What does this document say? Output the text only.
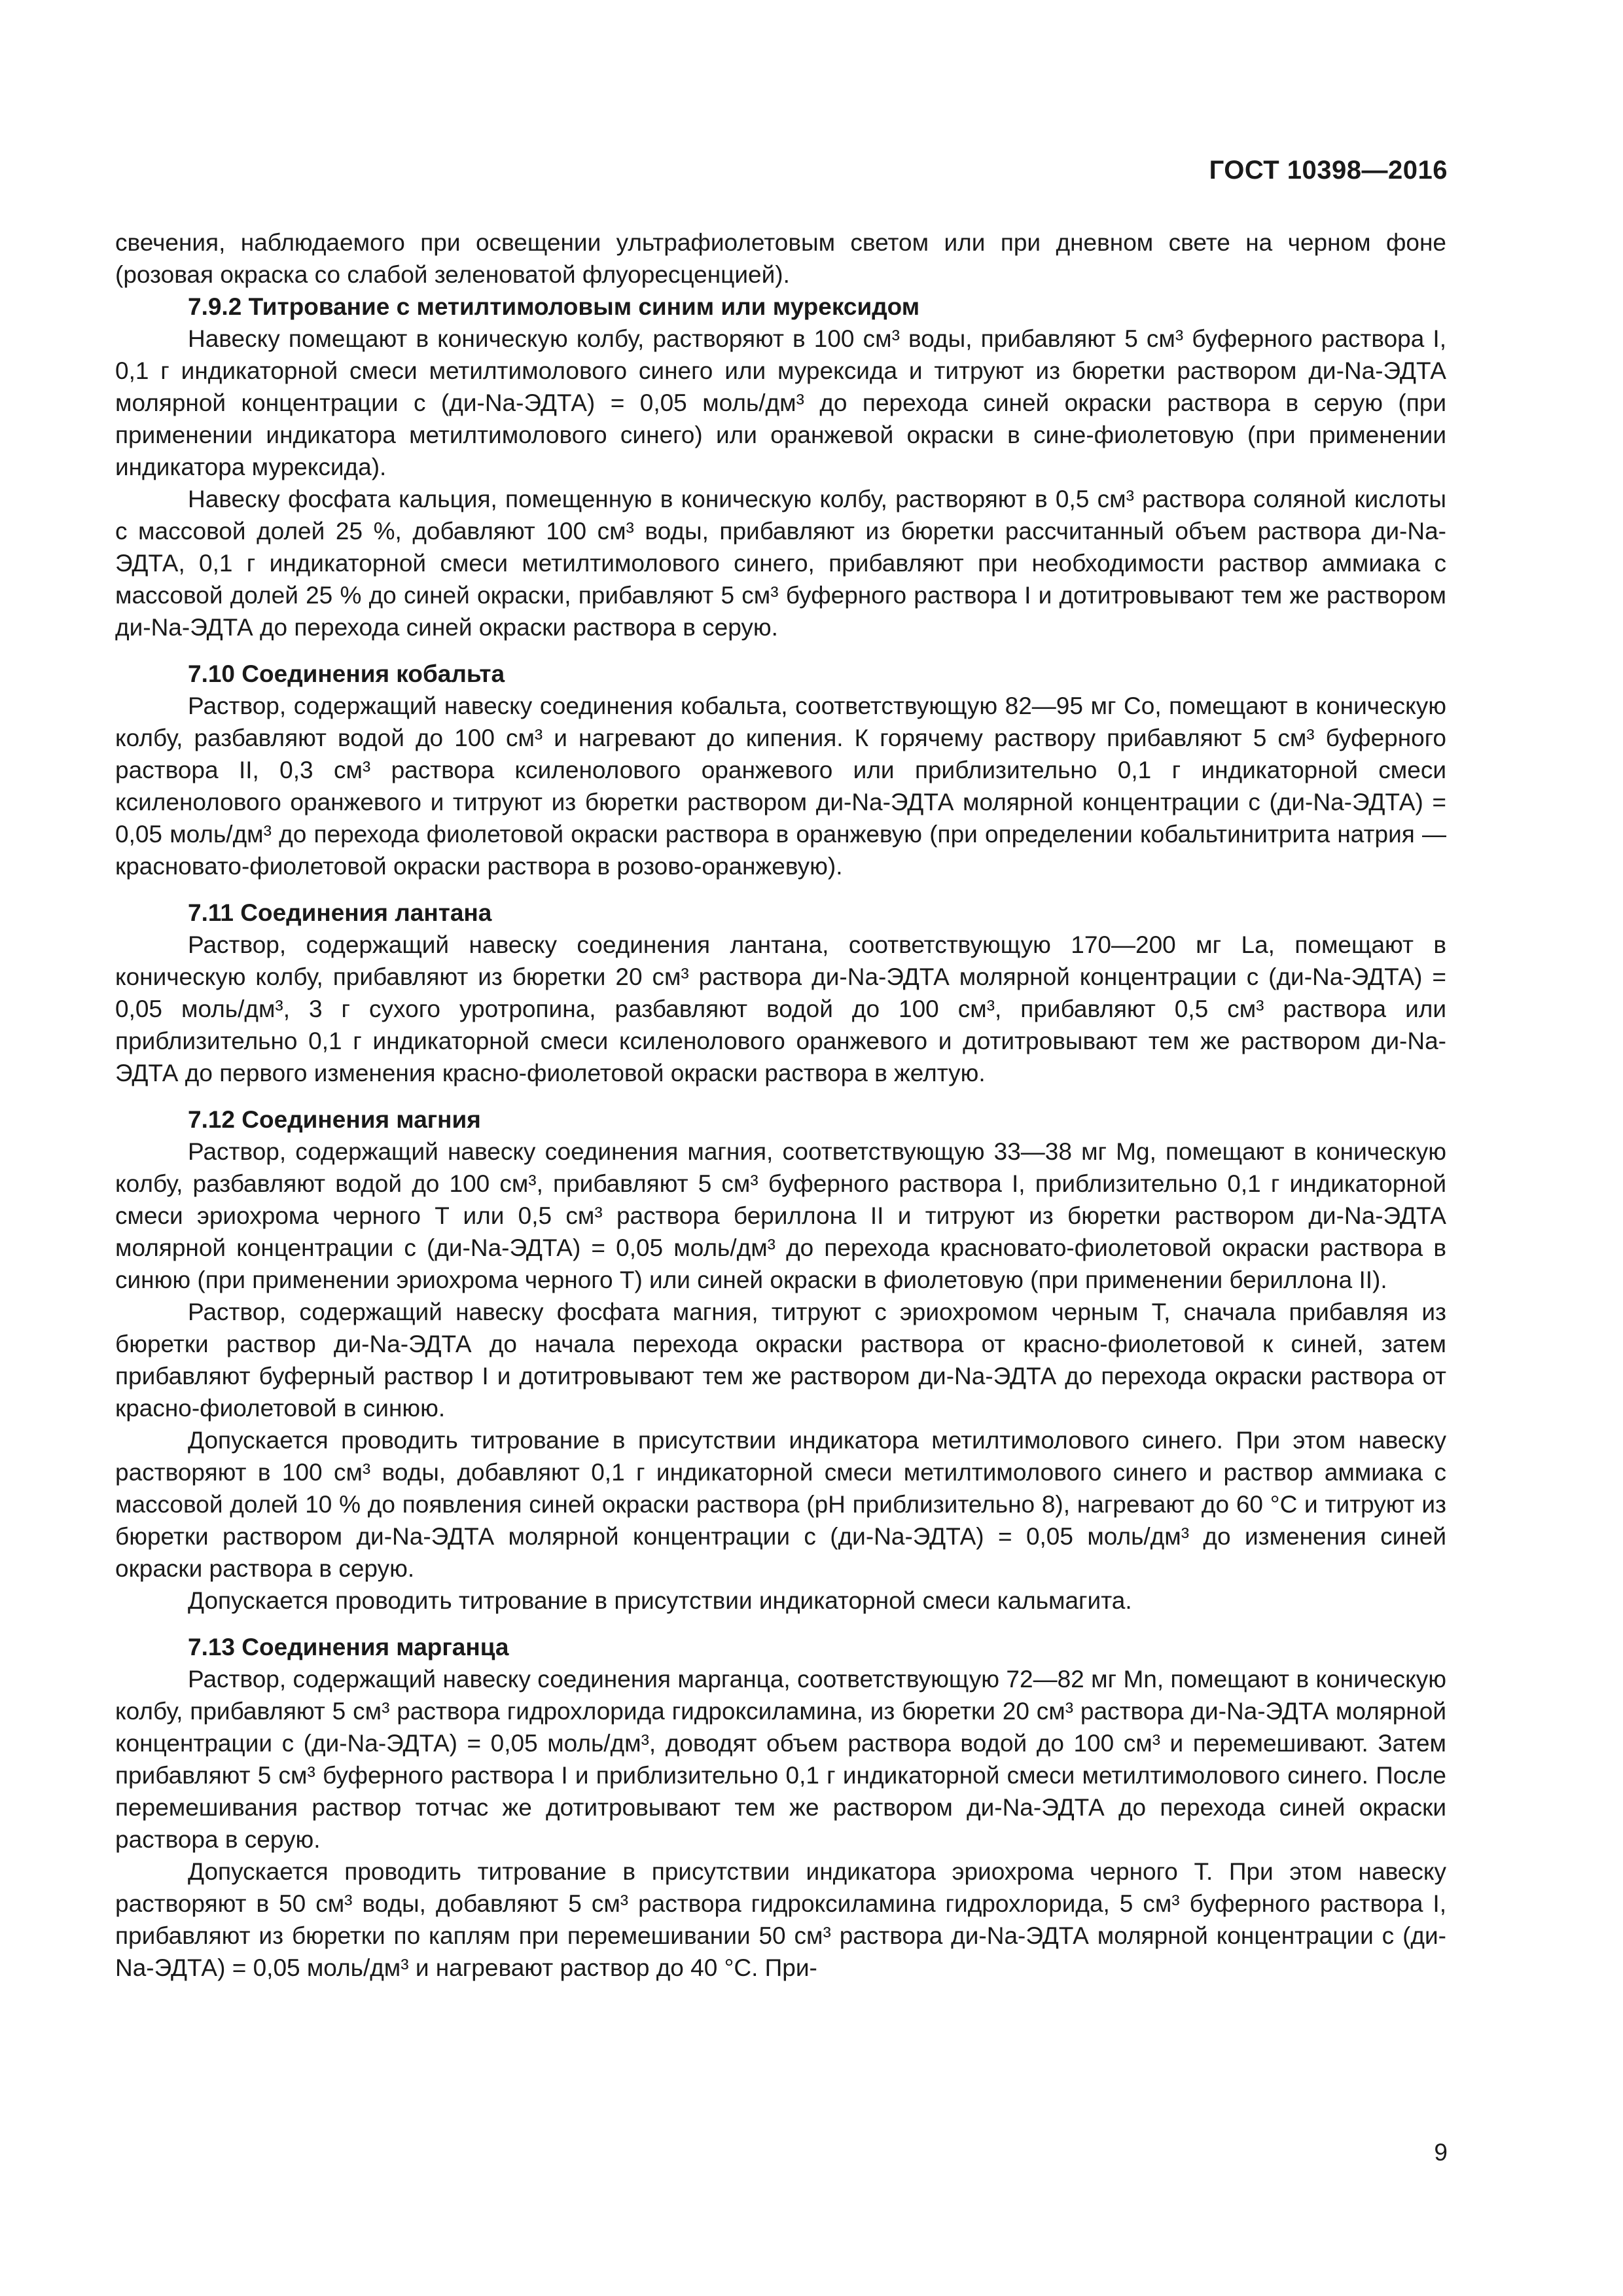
ГОСТ 10398—2016

свечения, наблюдаемого при освещении ультрафиолетовым светом или при дневном свете на черном фоне (розовая окраска со слабой зеленоватой флуоресценцией).

7.9.2 Титрование с метилтимоловым синим или мурексидом

Навеску помещают в коническую колбу, растворяют в 100 см³ воды, прибавляют 5 см³ буферного раствора I, 0,1 г индикаторной смеси метилтимолового синего или мурексида и титруют из бюретки раствором ди-Na-ЭДТА молярной концентрации c (ди-Na-ЭДТА) = 0,05 моль/дм³ до перехода синей окраски раствора в серую (при применении индикатора метилтимолового синего) или оранжевой окраски в сине-фиолетовую (при применении индикатора мурексида).

Навеску фосфата кальция, помещенную в коническую колбу, растворяют в 0,5 см³ раствора соляной кислоты с массовой долей 25 %, добавляют 100 см³ воды, прибавляют из бюретки рассчитанный объем раствора ди-Na-ЭДТА, 0,1 г индикаторной смеси метилтимолового синего, прибавляют при необходимости раствор аммиака с массовой долей 25 % до синей окраски, прибавляют 5 см³ буферного раствора I и дотитровывают тем же раствором ди-Na-ЭДТА до перехода синей окраски раствора в серую.

7.10 Соединения кобальта

Раствор, содержащий навеску соединения кобальта, соответствующую 82—95 мг Co, помещают в коническую колбу, разбавляют водой до 100 см³ и нагревают до кипения. К горячему раствору прибавляют 5 см³ буферного раствора II, 0,3 см³ раствора ксиленолового оранжевого или приблизительно 0,1 г индикаторной смеси ксиленолового оранжевого и титруют из бюретки раствором ди-Na-ЭДТА молярной концентрации c (ди-Na-ЭДТА) = 0,05 моль/дм³ до перехода фиолетовой окраски раствора в оранжевую (при определении кобальтинитрита натрия — красновато-фиолетовой окраски раствора в розово-оранжевую).

7.11 Соединения лантана

Раствор, содержащий навеску соединения лантана, соответствующую 170—200 мг La, помещают в коническую колбу, прибавляют из бюретки 20 см³ раствора ди-Na-ЭДТА молярной концентрации c (ди-Na-ЭДТА) = 0,05 моль/дм³, 3 г сухого уротропина, разбавляют водой до 100 см³, прибавляют 0,5 см³ раствора или приблизительно 0,1 г индикаторной смеси ксиленолового оранжевого и дотитровывают тем же раствором ди-Na-ЭДТА до первого изменения красно-фиолетовой окраски раствора в желтую.

7.12 Соединения магния

Раствор, содержащий навеску соединения магния, соответствующую 33—38 мг Mg, помещают в коническую колбу, разбавляют водой до 100 см³, прибавляют 5 см³ буферного раствора I, приблизительно 0,1 г индикаторной смеси эриохрома черного T или 0,5 см³ раствора бериллона II и титруют из бюретки раствором ди-Na-ЭДТА молярной концентрации c (ди-Na-ЭДТА) = 0,05 моль/дм³ до перехода красновато-фиолетовой окраски раствора в синюю (при применении эриохрома черного T) или синей окраски в фиолетовую (при применении бериллона II).

Раствор, содержащий навеску фосфата магния, титруют с эриохромом черным T, сначала прибавляя из бюретки раствор ди-Na-ЭДТА до начала перехода окраски раствора от красно-фиолетовой к синей, затем прибавляют буферный раствор I и дотитровывают тем же раствором ди-Na-ЭДТА до перехода окраски раствора от красно-фиолетовой в синюю.

Допускается проводить титрование в присутствии индикатора метилтимолового синего. При этом навеску растворяют в 100 см³ воды, добавляют 0,1 г индикаторной смеси метилтимолового синего и раствор аммиака с массовой долей 10 % до появления синей окраски раствора (pH приблизительно 8), нагревают до 60 °C и титруют из бюретки раствором ди-Na-ЭДТА молярной концентрации c (ди-Na-ЭДТА) = 0,05 моль/дм³ до изменения синей окраски раствора в серую.

Допускается проводить титрование в присутствии индикаторной смеси кальмагита.

7.13 Соединения марганца

Раствор, содержащий навеску соединения марганца, соответствующую 72—82 мг Mn, помещают в коническую колбу, прибавляют 5 см³ раствора гидрохлорида гидроксиламина, из бюретки 20 см³ раствора ди-Na-ЭДТА молярной концентрации c (ди-Na-ЭДТА) = 0,05 моль/дм³, доводят объем раствора водой до 100 см³ и перемешивают. Затем прибавляют 5 см³ буферного раствора I и приблизительно 0,1 г индикаторной смеси метилтимолового синего. После перемешивания раствор тотчас же дотитровывают тем же раствором ди-Na-ЭДТА до перехода синей окраски раствора в серую.

Допускается проводить титрование в присутствии индикатора эриохрома черного T. При этом навеску растворяют в 50 см³ воды, добавляют 5 см³ раствора гидроксиламина гидрохлорида, 5 см³ буферного раствора I, прибавляют из бюретки по каплям при перемешивании 50 см³ раствора ди-Na-ЭДТА молярной концентрации c (ди-Na-ЭДТА) = 0,05 моль/дм³ и нагревают раствор до 40 °C. При-

9
